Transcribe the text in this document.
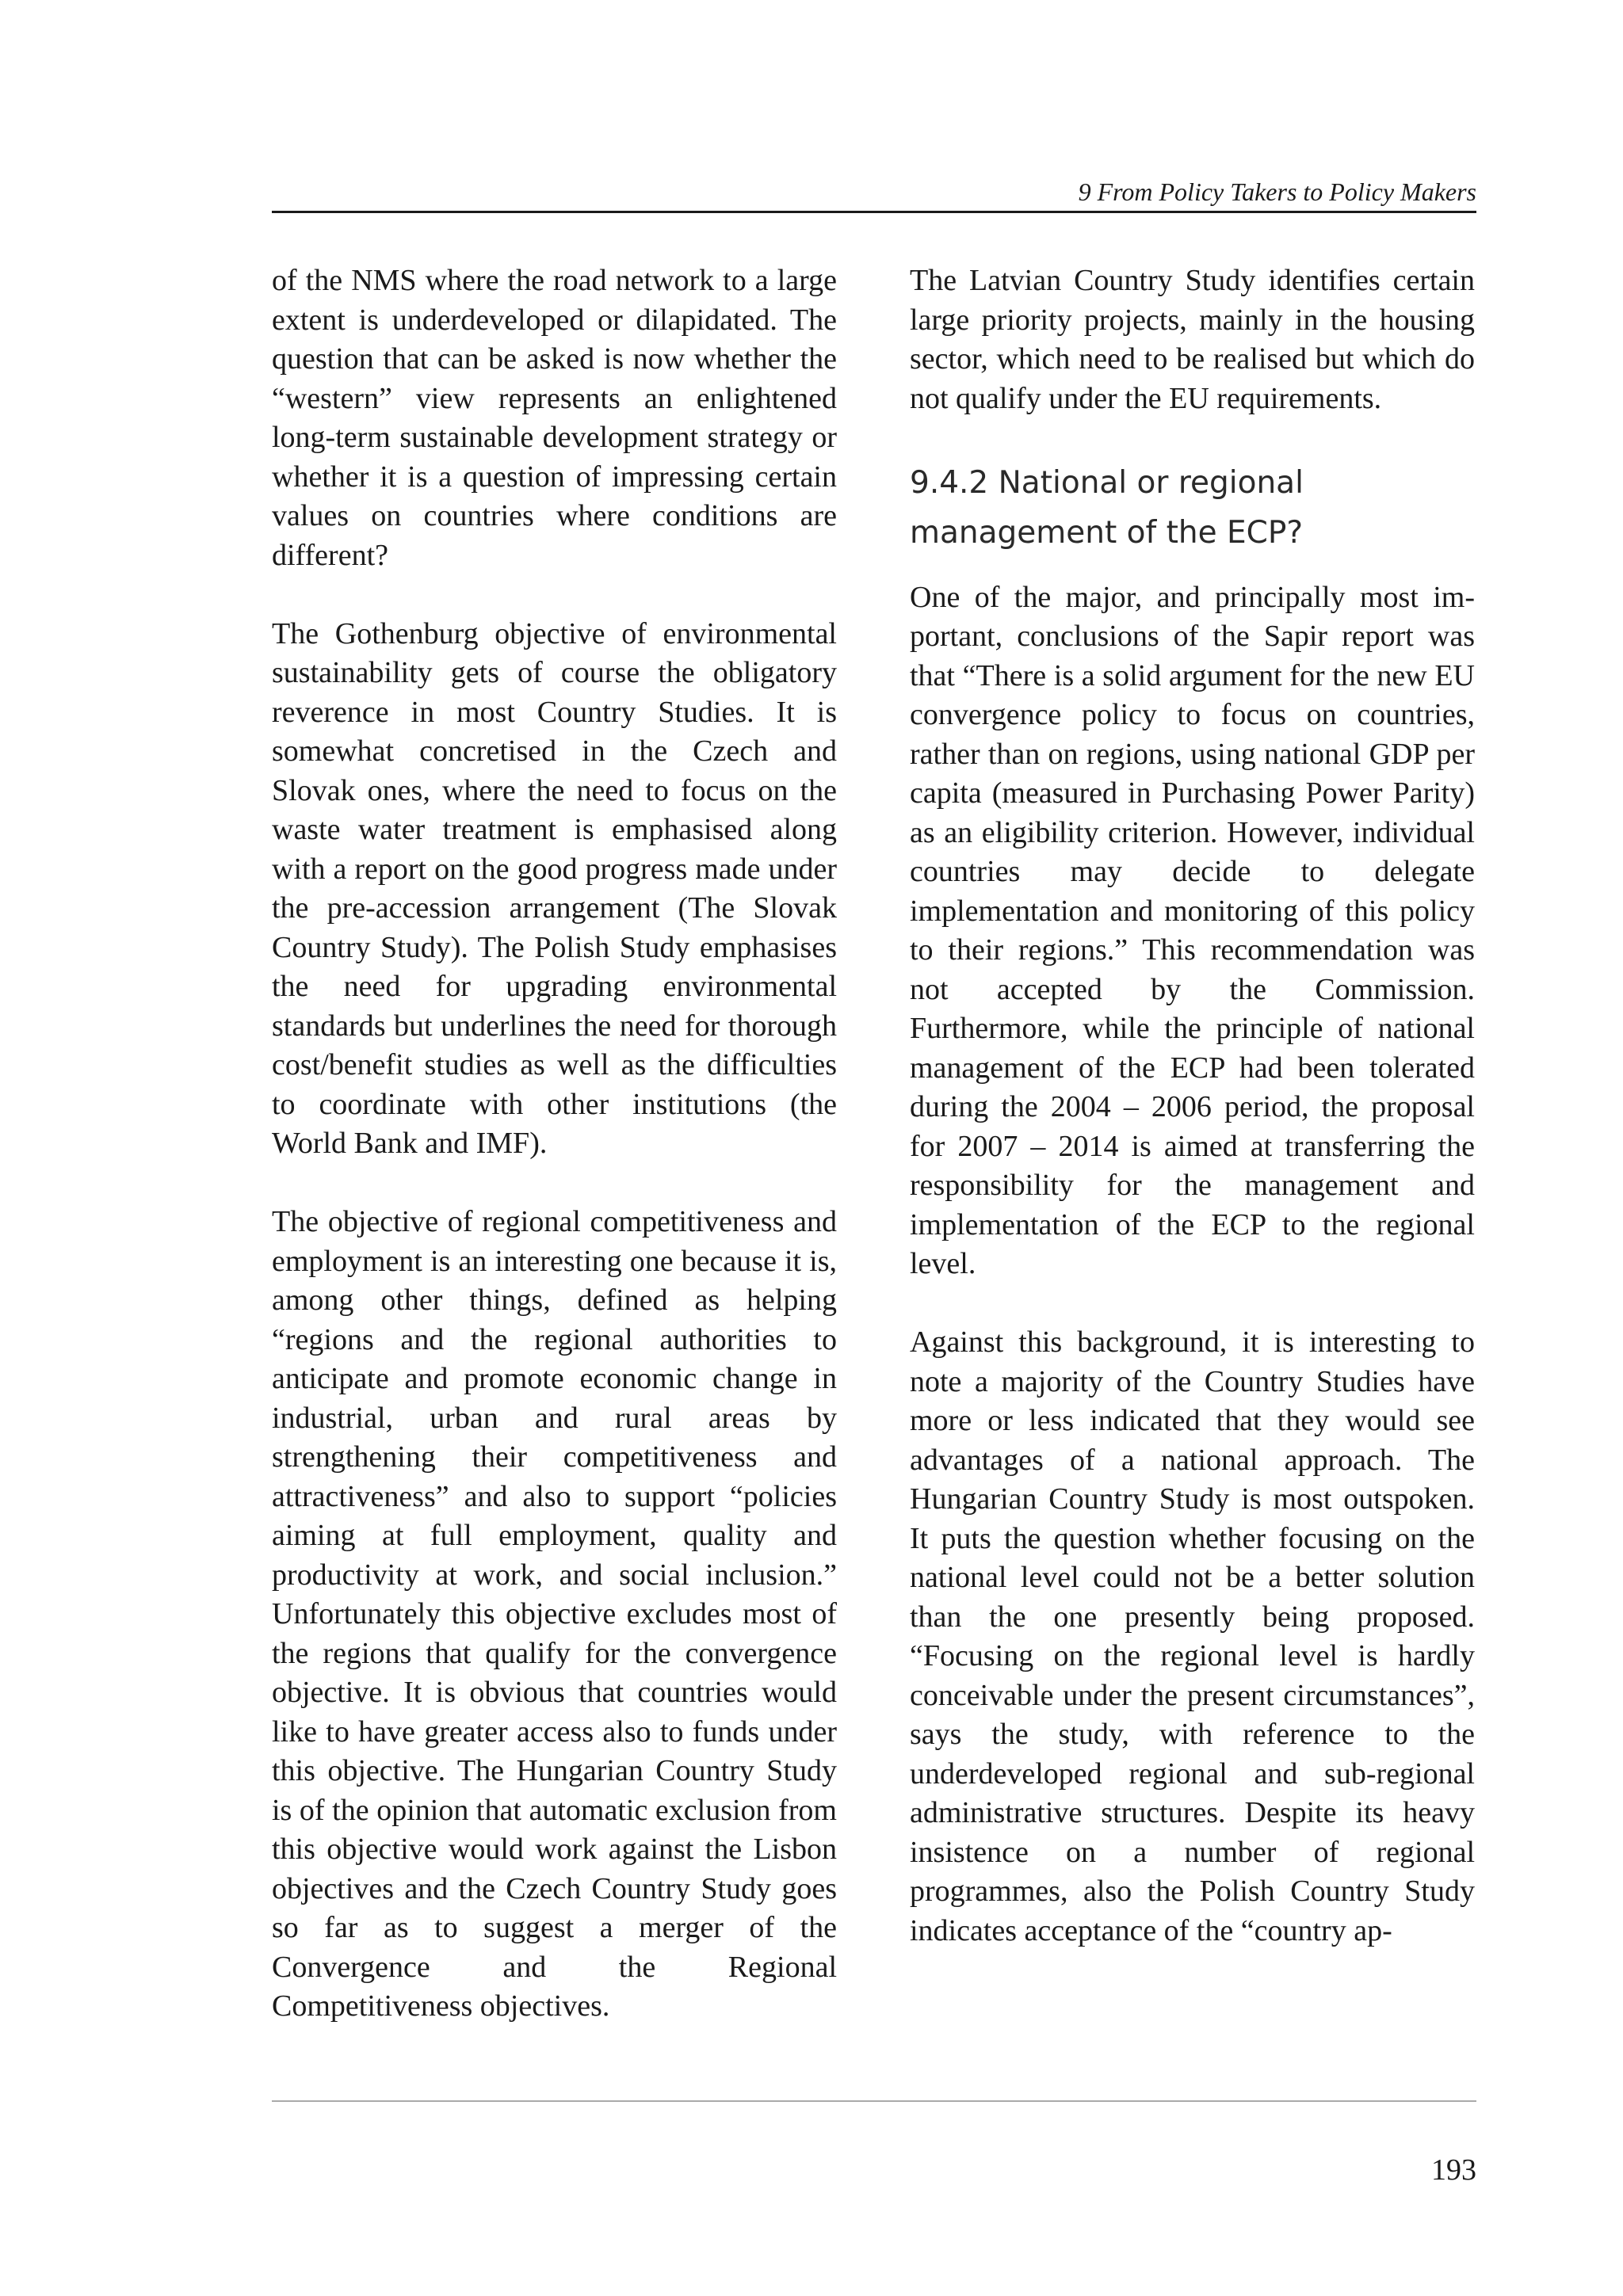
9 From Policy Takers to Policy Makers

of the NMS where the road network to a large extent is underdeveloped or dilapidated. The question that can be asked is now whether the “western” view represents an enlightened long-term sustainable development strategy or whether it is a question of impressing certain values on countries where conditions are different?

The Gothenburg objective of environmental sustainability gets of course the obligatory reverence in most Country Studies. It is somewhat concretised in the Czech and Slovak ones, where the need to focus on the waste water treatment is emphasised along with a report on the good progress made under the pre-accession arrangement (The Slovak Country Study). The Polish Study emphasises the need for upgrading environmental standards but underlines the need for thorough cost/benefit studies as well as the difficulties to coordinate with other institutions (the World Bank and IMF).

The objective of regional competitiveness and employment is an interesting one because it is, among other things, defined as helping “regions and the regional authorities to anticipate and promote economic change in industrial, urban and rural areas by strengthening their competitiveness and attractiveness” and also to support “policies aiming at full employment, quality and productivity at work, and social inclusion.” Unfortunately this objective excludes most of the regions that qualify for the convergence objective. It is obvious that countries would like to have greater access also to funds under this objective. The Hungarian Country Study is of the opinion that automatic exclusion from this objective would work against the Lisbon objectives and the Czech Country Study goes so far as to suggest a merger of the Convergence and the Regional Competitiveness objectives.

The Latvian Country Study identifies certain large priority projects, mainly in the housing sector, which need to be realised but which do not qualify under the EU requirements.

9.4.2 National or regional management of the ECP?

One of the major, and principally most important, conclusions of the Sapir report was that “There is a solid argument for the new EU convergence policy to focus on countries, rather than on regions, using national GDP per capita (measured in Purchasing Power Parity) as an eligibility criterion. However, individual countries may decide to delegate implementation and monitoring of this policy to their regions.” This recommendation was not accepted by the Commission. Furthermore, while the principle of national management of the ECP had been tolerated during the 2004 – 2006 period, the proposal for 2007 – 2014 is aimed at transferring the responsibility for the management and implementation of the ECP to the regional level.

Against this background, it is interesting to note a majority of the Country Studies have more or less indicated that they would see advantages of a national approach. The Hungarian Country Study is most outspoken. It puts the question whether focusing on the national level could not be a better solution than the one presently being proposed. “Focusing on the regional level is hardly conceivable under the present circumstances”, says the study, with reference to the underdeveloped regional and sub-regional administrative structures. Despite its heavy insistence on a number of regional programmes, also the Polish Country Study indicates acceptance of the “country ap-

193
